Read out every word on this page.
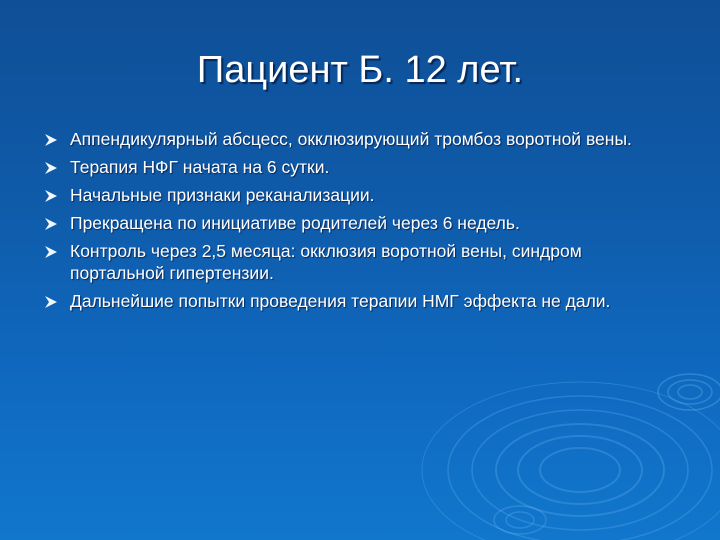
Пациент Б. 12 лет.
Аппендикулярный абсцесс, окклюзирующий тромбоз воротной вены.
Терапия НФГ начата на 6 сутки.
Начальные признаки реканализации.
Прекращена по инициативе родителей через 6 недель.
Контроль через 2,5 месяца: окклюзия воротной вены, синдром портальной гипертензии.
Дальнейшие попытки проведения терапии НМГ эффекта не дали.
